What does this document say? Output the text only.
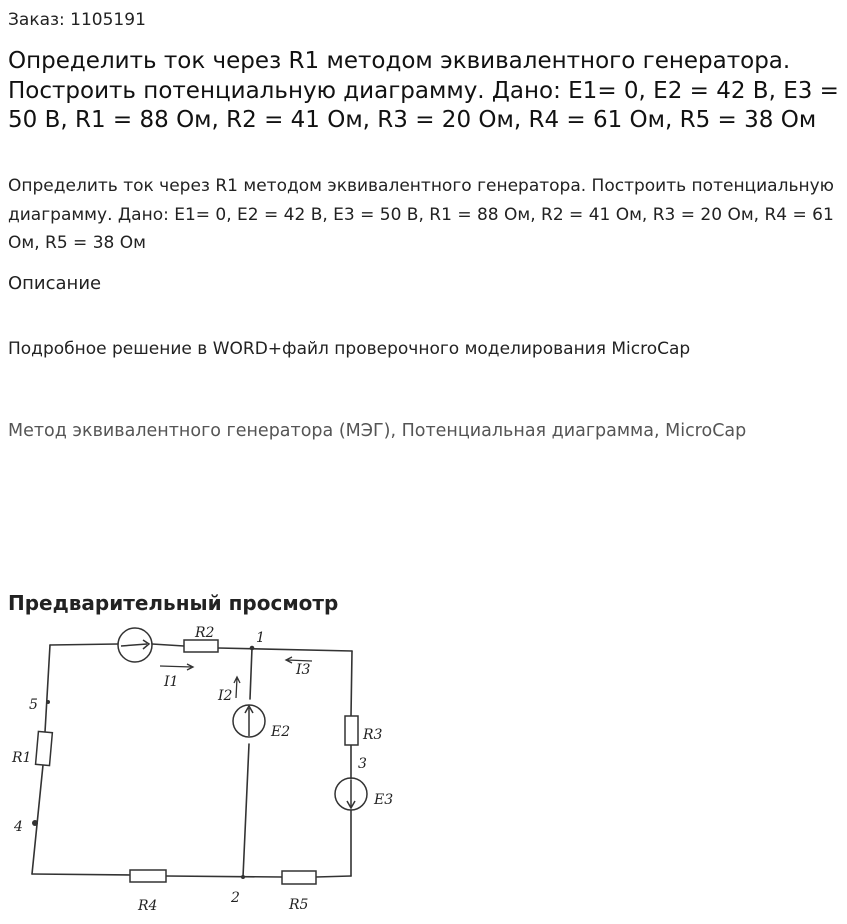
Заказ: 1105191
Определить ток через R1 методом эквивалентного генератора. Построить потенциальную диаграмму. Дано: E1= 0, E2 = 42 В, E3 = 50 В, R1 = 88 Ом, R2 = 41 Ом, R3 = 20 Ом, R4 = 61 Ом, R5 = 38 Ом
Определить ток через R1 методом эквивалентного генератора. Построить потенциальную диаграмму. Дано: E1= 0, E2 = 42 В, E3 = 50 В, R1 = 88 Ом, R2 = 41 Ом, R3 = 20 Ом, R4 = 61 Ом, R5 = 38 Ом
Описание
Подробное решение в WORD+файл проверочного моделирования MicroCap
Метод эквивалентного генератора (МЭГ), Потенциальная диаграмма, MicroCap
Предварительный просмотр
R2	1
I1
I3
I2
5
E2	R3
R1	3
E3
4
R4	2	R5
